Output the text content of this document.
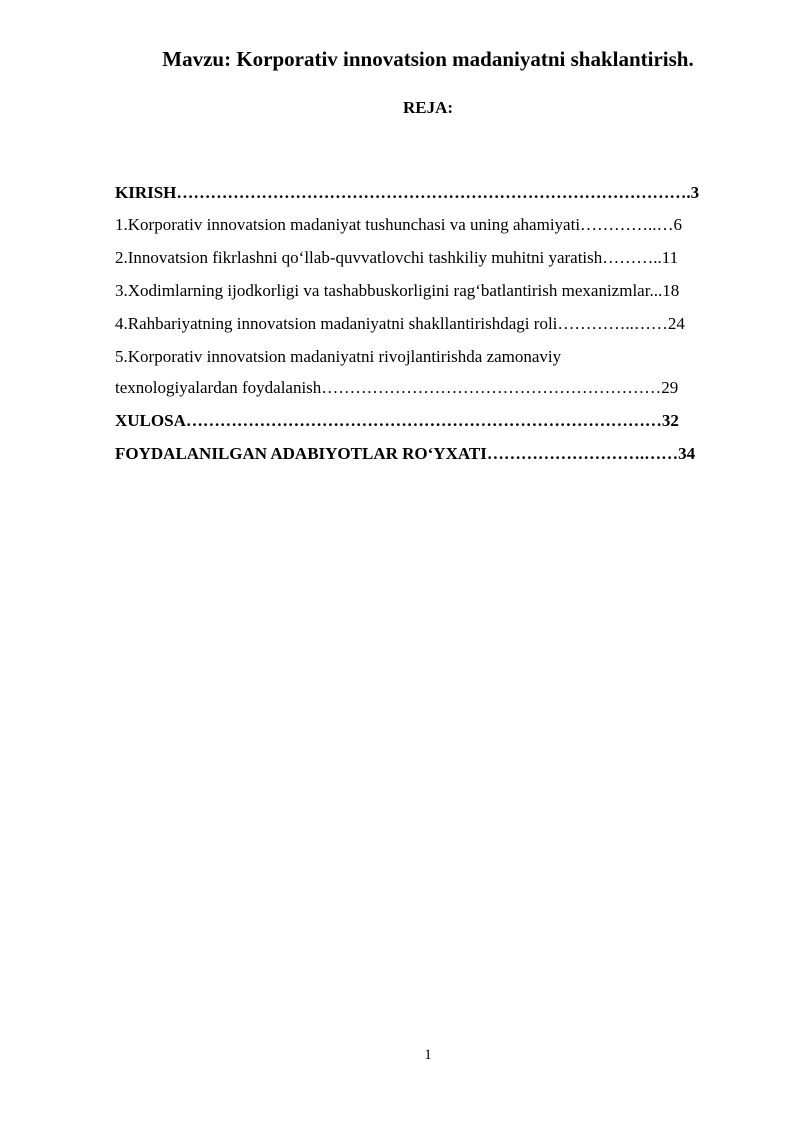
Mavzu: Korporativ innovatsion madaniyatni shaklantirish.
REJA:
KIRISH……………………………………………………………………………….3
1.Korporativ innovatsion madaniyat tushunchasi va uning ahamiyati…………..…6
2.Innovatsion fikrlashni qo‘llab-quvvatlovchi tashkiliy muhitni yaratish………..11
3.Xodimlarning ijodkorligi va tashabbuskorligini rag‘batlantirish mexanizmlar...18
4.Rahbariyatning innovatsion madaniyatni shakllantirishdagi roli…………..……24
5.Korporativ innovatsion madaniyatni rivojlantirishda zamonaviy
texnologiyalardan foydalanish……………………………………………………29
XULOSA…………………………………………………………………………32
FOYDALANILGAN ADABIYOTLAR RO‘YXATI……………………….……34
1
